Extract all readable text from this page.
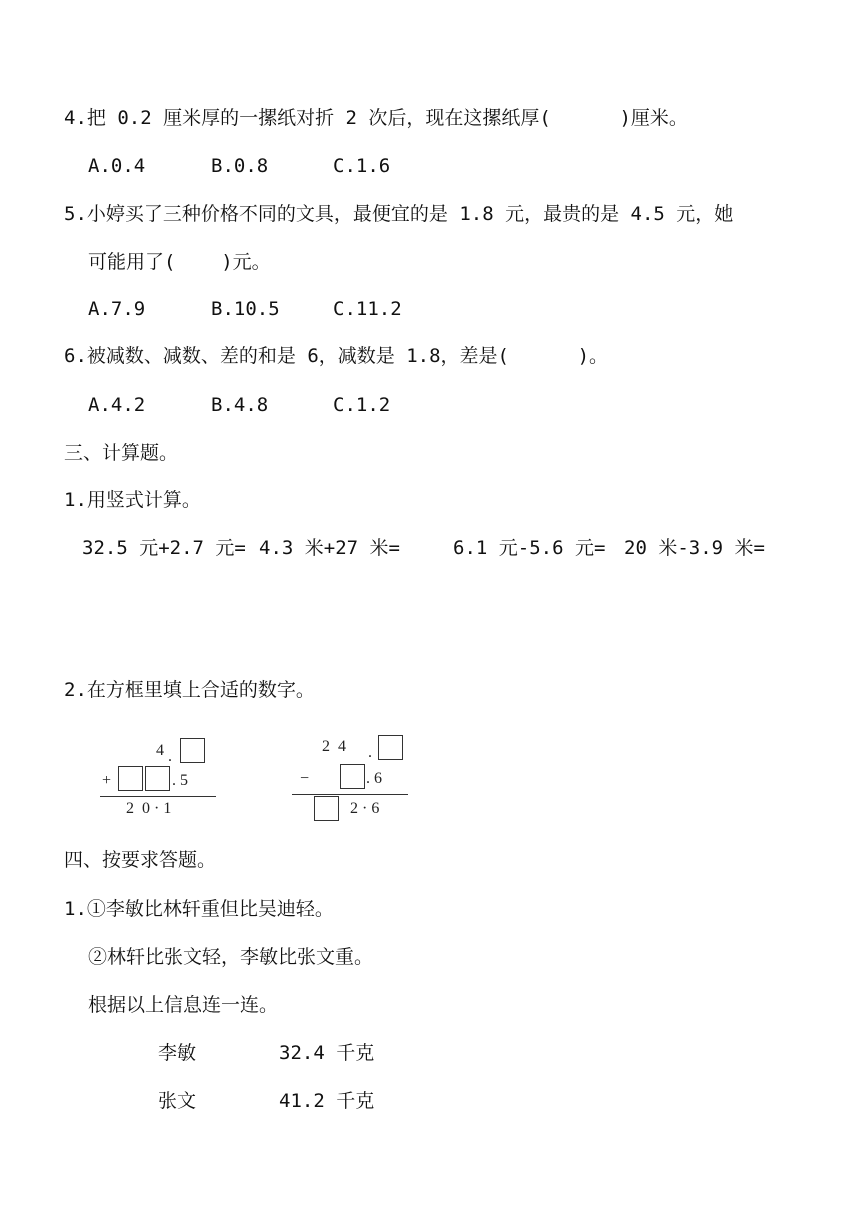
4.把 0.2 厘米厚的一摞纸对折 2 次后，现在这摞纸厚(      )厘米。
A.0.4	B.0.8	C.1.6
5.小婷买了三种价格不同的文具，最便宜的是 1.8 元，最贵的是 4.5 元，她
可能用了(    )元。
A.7.9	B.10.5	C.11.2
6.被减数、减数、差的和是 6，减数是 1.8，差是(      )。
A.4.2	B.4.8	C.1.2
三、计算题。
1.用竖式计算。
32.5 元+2.7 元= 4.3 米+27 米=	6.1 元-5.6 元= 20 米-3.9 米=
2.在方框里填上合适的数字。
4 .
+	. 5
2  0 · 1
2  4 .
−	. 6
2 · 6
四、按要求答题。
1.①李敏比林轩重但比吴迪轻。
②林轩比张文轻，李敏比张文重。
根据以上信息连一连。
李敏	32.4 千克
张文	41.2 千克
